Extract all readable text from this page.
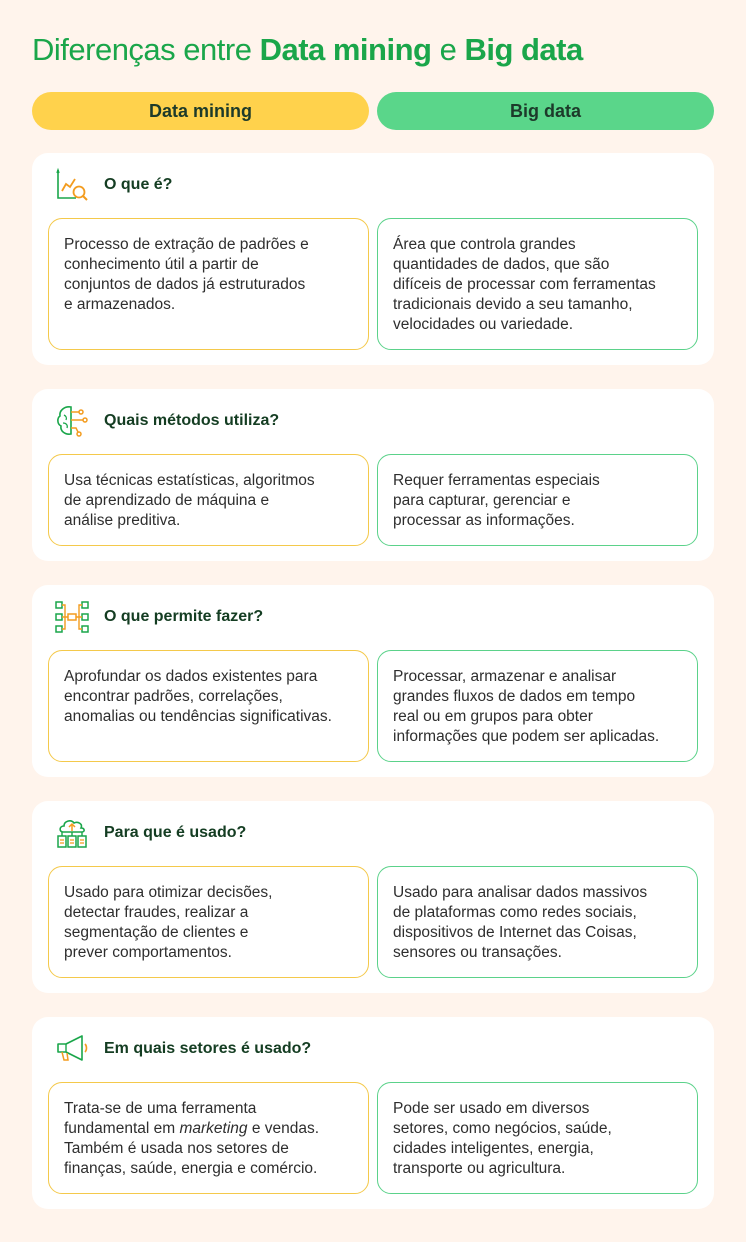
Diferenças entre Data mining e Big data
Data mining	Big data
O que é?

Processo de extração de padrões e
conhecimento útil a partir de
conjuntos de dados já estruturados
e armazenados.

Área que controla grandes
quantidades de dados, que são
difíceis de processar com ferramentas
tradicionais devido a seu tamanho,
velocidades ou variedade.

Quais métodos utiliza?

Usa técnicas estatísticas, algoritmos
de aprendizado de máquina e
análise preditiva.

Requer ferramentas especiais
para capturar, gerenciar e
processar as informações.

O que permite fazer?

Aprofundar os dados existentes para
encontrar padrões, correlações,
anomalias ou tendências significativas.

Processar, armazenar e analisar
grandes fluxos de dados em tempo
real ou em grupos para obter
informações que podem ser aplicadas.

Para que é usado?

Usado para otimizar decisões,
detectar fraudes, realizar a
segmentação de clientes e
prever comportamentos.

Usado para analisar dados massivos
de plataformas como redes sociais,
dispositivos de Internet das Coisas,
sensores ou transações.

Em quais setores é usado?

Trata-se de uma ferramenta
fundamental em marketing e vendas.
Também é usada nos setores de
finanças, saúde, energia e comércio.

Pode ser usado em diversos
setores, como negócios, saúde,
cidades inteligentes, energia,
transporte ou agricultura.
